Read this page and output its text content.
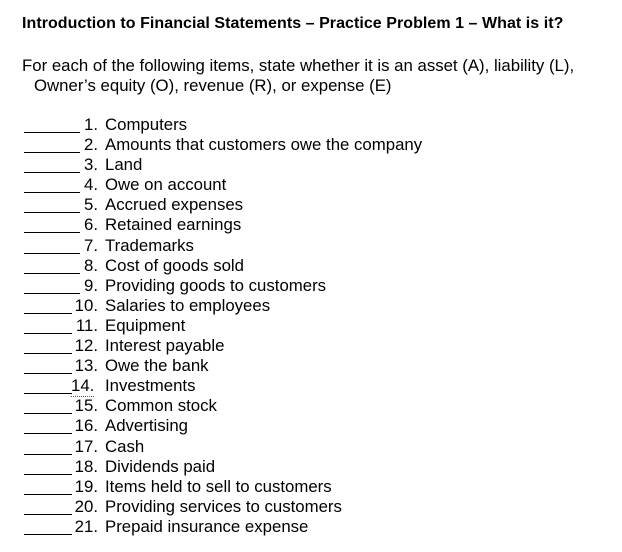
Introduction to Financial Statements – Practice Problem 1 – What is it?
For each of the following items, state whether it is an asset (A), liability (L),
Owner’s equity (O), revenue (R), or expense (E)
1. Computers
2. Amounts that customers owe the company
3. Land
4. Owe on account
5. Accrued expenses
6. Retained earnings
7. Trademarks
8. Cost of goods sold
9. Providing goods to customers
10. Salaries to employees
11. Equipment
12. Interest payable
13. Owe the bank
14. Investments
15. Common stock
16. Advertising
17. Cash
18. Dividends paid
19. Items held to sell to customers
20. Providing services to customers
21. Prepaid insurance expense
